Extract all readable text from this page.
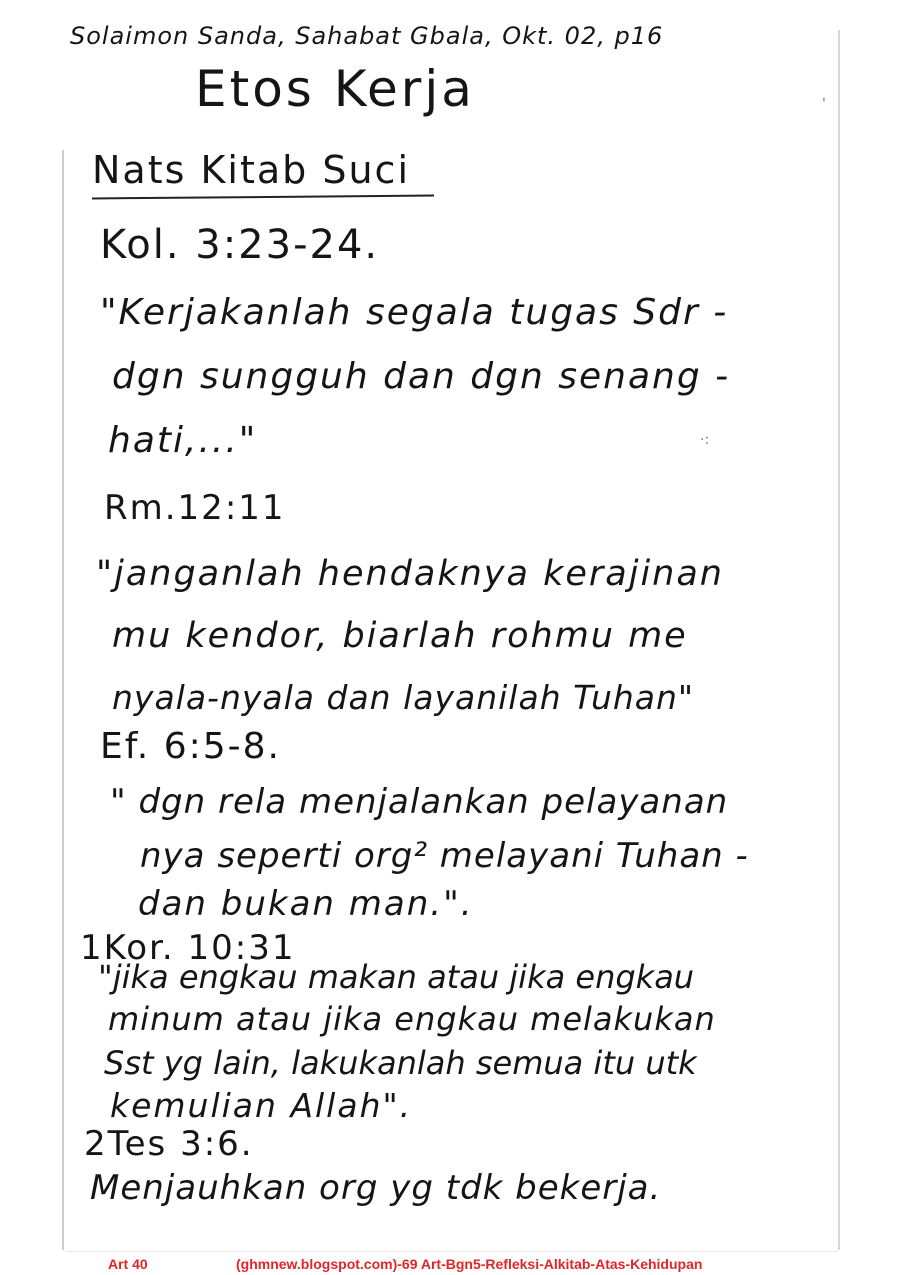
Solaimon Sanda, Sahabat Gbala, Okt. 02, p16
Etos Kerja
Nats Kitab Suci
Kol. 3:23-24.
"Kerjakanlah segala tugas Sdr -
dgn sungguh dan dgn senang -
hati,..."
Rm.12:11
"janganlah hendaknya kerajinan
mu kendor, biarlah rohmu me
nyala-nyala dan layanilah Tuhan"
Ef. 6:5-8.
" dgn rela menjalankan pelayanan
nya seperti org² melayani Tuhan -
dan bukan man.".
1Kor. 10:31
"jika engkau makan atau jika engkau
minum atau jika engkau melakukan
Sst yg lain, lakukanlah semua itu utk
kemulian Allah".
2Tes 3:6.
Menjauhkan org yg tdk bekerja.
·:
'
Art 40	(ghmnew.blogspot.com)-69 Art-Bgn5-Refleksi-Alkitab-Atas-Kehidupan
